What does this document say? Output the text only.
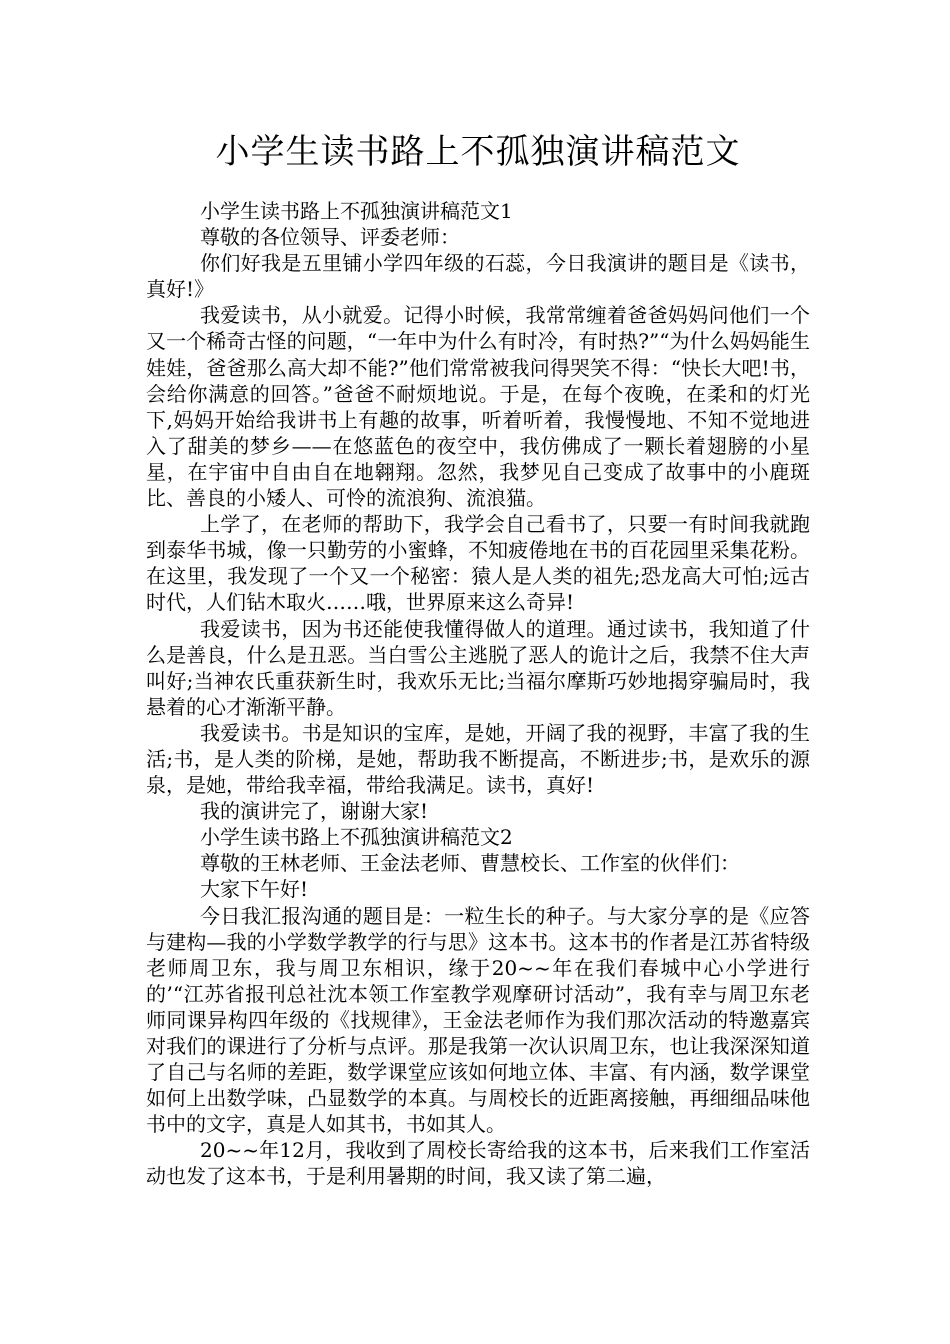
小学生读书路上不孤独演讲稿范文

小学生读书路上不孤独演讲稿范文1

尊敬的各位领导、评委老师：

你们好我是五里铺小学四年级的石蕊，今日我演讲的题目是《读书，真好!》

我爱读书，从小就爱。记得小时候，我常常缠着爸爸妈妈问他们一个又一个稀奇古怪的问题，“一年中为什么有时冷，有时热?”“为什么妈妈能生娃娃，爸爸那么高大却不能?”他们常常被我问得哭笑不得：“快长大吧!书，会给你满意的回答。”爸爸不耐烦地说。于是，在每个夜晚，在柔和的灯光下,妈妈开始给我讲书上有趣的故事，听着听着，我慢慢地、不知不觉地进入了甜美的梦乡——在悠蓝色的夜空中，我仿佛成了一颗长着翅膀的小星星，在宇宙中自由自在地翱翔。忽然，我梦见自己变成了故事中的小鹿斑比、善良的小矮人、可怜的流浪狗、流浪猫。

上学了，在老师的帮助下，我学会自己看书了，只要一有时间我就跑到泰华书城，像一只勤劳的小蜜蜂，不知疲倦地在书的百花园里采集花粉。在这里，我发现了一个又一个秘密：猿人是人类的祖先;恐龙高大可怕;远古时代，人们钻木取火……哦，世界原来这么奇异!

我爱读书，因为书还能使我懂得做人的道理。通过读书，我知道了什么是善良，什么是丑恶。当白雪公主逃脱了恶人的诡计之后，我禁不住大声叫好;当神农氏重获新生时，我欢乐无比;当福尔摩斯巧妙地揭穿骗局时，我悬着的心才渐渐平静。

我爱读书。书是知识的宝库，是她，开阔了我的视野，丰富了我的生活;书，是人类的阶梯，是她，帮助我不断提高，不断进步;书，是欢乐的源泉，是她，带给我幸福，带给我满足。读书，真好!

我的演讲完了，谢谢大家!

小学生读书路上不孤独演讲稿范文2

尊敬的王林老师、王金法老师、曹慧校长、工作室的伙伴们：

大家下午好!

今日我汇报沟通的题目是：一粒生长的种子。与大家分享的是《应答与建构—我的小学数学教学的行与思》这本书。这本书的作者是江苏省特级老师周卫东，我与周卫东相识，缘于20~~年在我们春城中心小学进行的’“江苏省报刊总社沈本领工作室教学观摩研讨活动”，我有幸与周卫东老师同课异构四年级的《找规律》，王金法老师作为我们那次活动的特邀嘉宾对我们的课进行了分析与点评。那是我第一次认识周卫东，也让我深深知道了自己与名师的差距，数学课堂应该如何地立体、丰富、有内涵，数学课堂如何上出数学味，凸显数学的本真。与周校长的近距离接触，再细细品味他书中的文字，真是人如其书，书如其人。

20~~年12月，我收到了周校长寄给我的这本书，后来我们工作室活动也发了这本书，于是利用暑期的时间，我又读了第二遍，
